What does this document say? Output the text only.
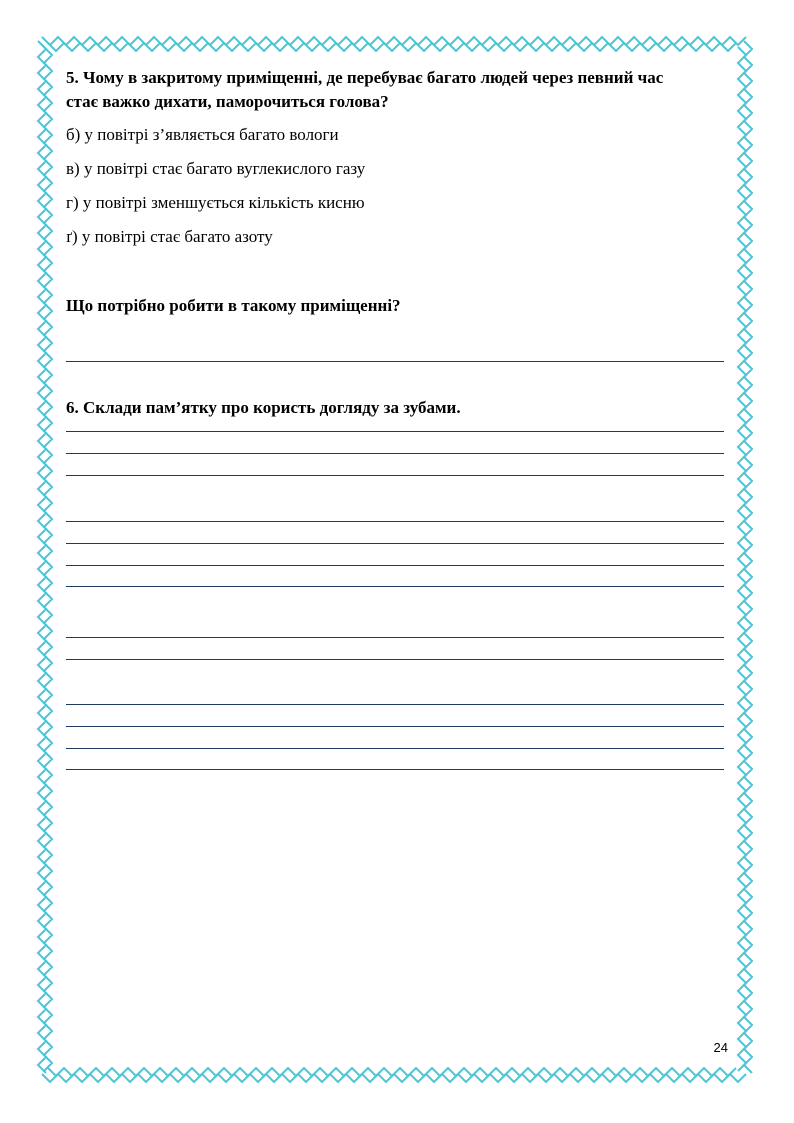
5. Чому в закритому приміщенні, де перебуває багато людей через певний час

стає важко дихати, паморочиться голова?

б) у повітрі з’являється багато вологи
в) у повітрі стає багато вуглекислого газу
г) у повітрі зменшується кількість кисню
ґ) у повітрі стає багато азоту

Що потрібно робити в такому приміщенні?

6. Склади пам’ятку про користь догляду за зубами.

24
